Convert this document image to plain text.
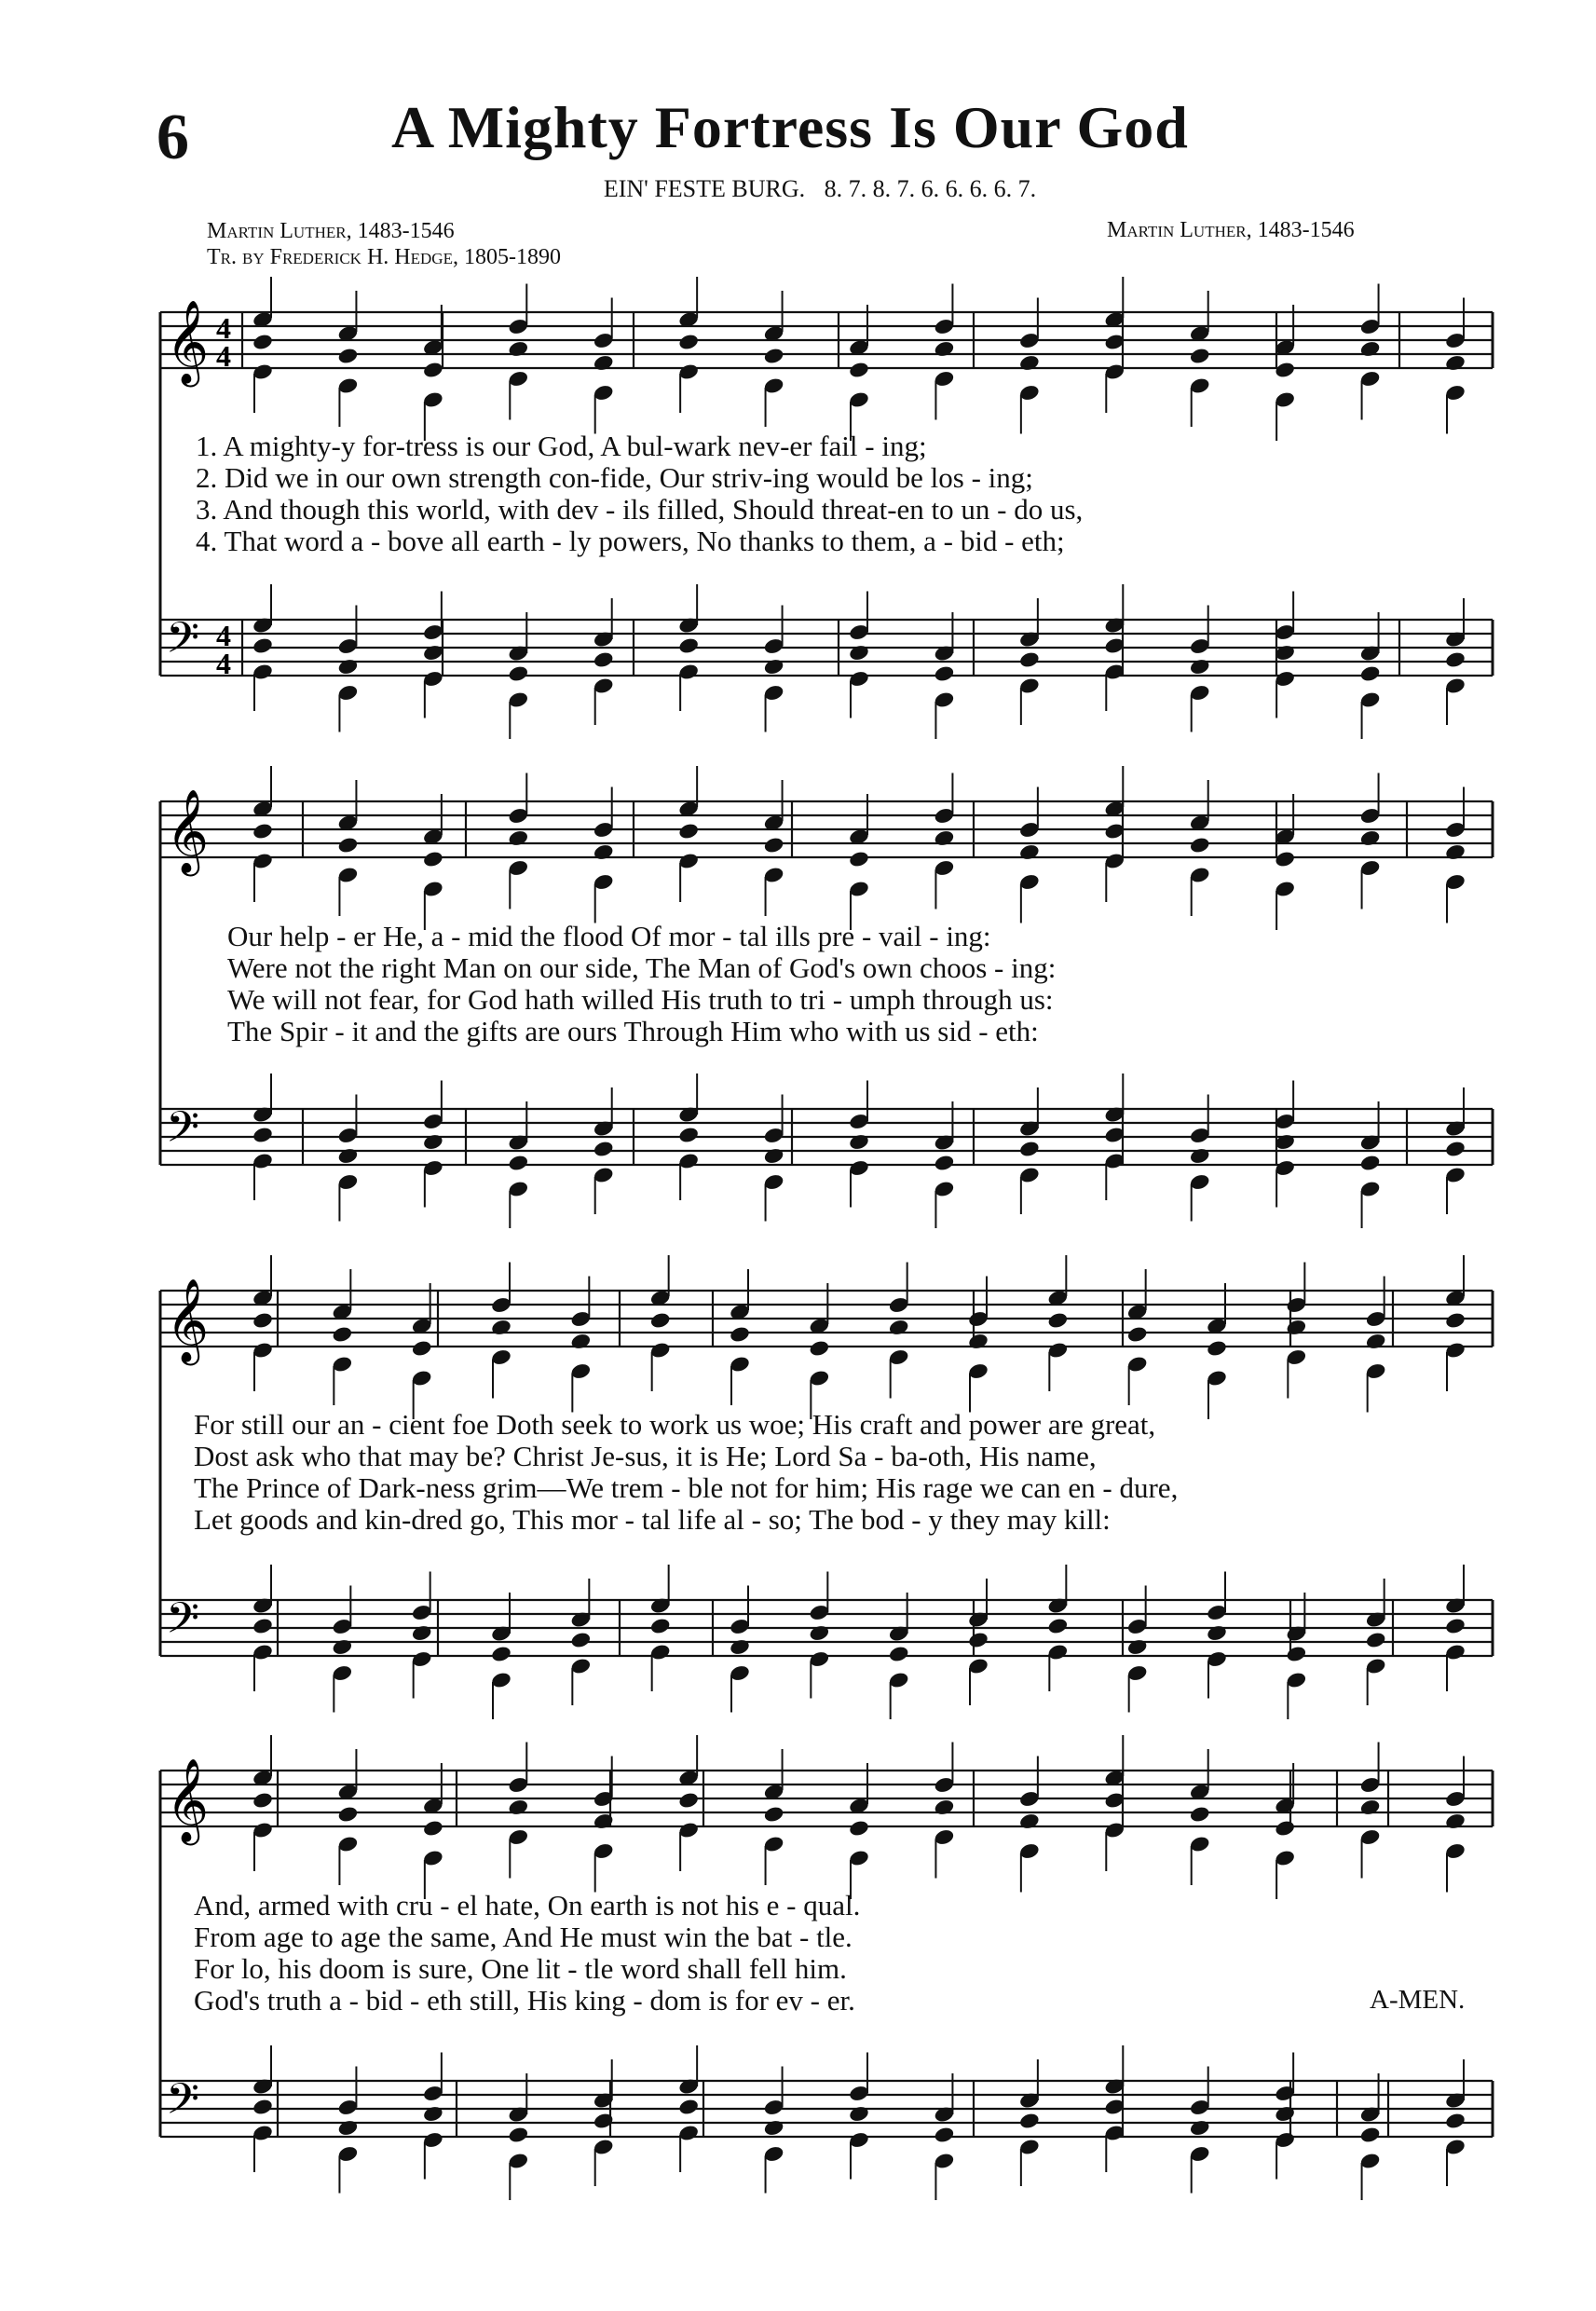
6	A Mighty Fortress Is Our God
EIN' FESTE BURG. 8. 7. 8. 7. 6. 6. 6. 6. 7.
Martin Luther, 1483-1546
Tr. by Frederick H. Hedge, 1805-1890
Martin Luther, 1483-1546
𝄞
𝄢
4
4
4
4
𝄞
𝄢
𝄞
𝄢
𝄞
𝄢
1. A mighty-y for-tress is our God, A bul-wark nev-er fail - ing;
2. Did we in our own strength con-fide, Our striv-ing would be los - ing;
3. And though this world, with dev - ils filled, Should threat-en to un - do us,
4. That word a - bove all earth - ly powers, No thanks to them, a - bid - eth;
Our help - er He, a - mid the flood Of mor - tal ills pre - vail - ing:
Were not the right Man on our side, The Man of God's own choos - ing:
We will not fear, for God hath willed His truth to tri - umph through us:
The Spir - it and the gifts are ours Through Him who with us sid - eth:
For still our an - cient foe Doth seek to work us woe; His craft and power are great,
Dost ask who that may be? Christ Je-sus, it is He; Lord Sa - ba-oth, His name,
The Prince of Dark-ness grim—We trem - ble not for him; His rage we can en - dure,
Let goods and kin-dred go, This mor - tal life al - so; The bod - y they may kill:
And, armed with cru - el hate, On earth is not his e - qual.
From age to age the same, And He must win the bat - tle.
For lo, his doom is sure, One lit - tle word shall fell him.
God's truth a - bid - eth still, His king - dom is for ev - er.	A-MEN.
